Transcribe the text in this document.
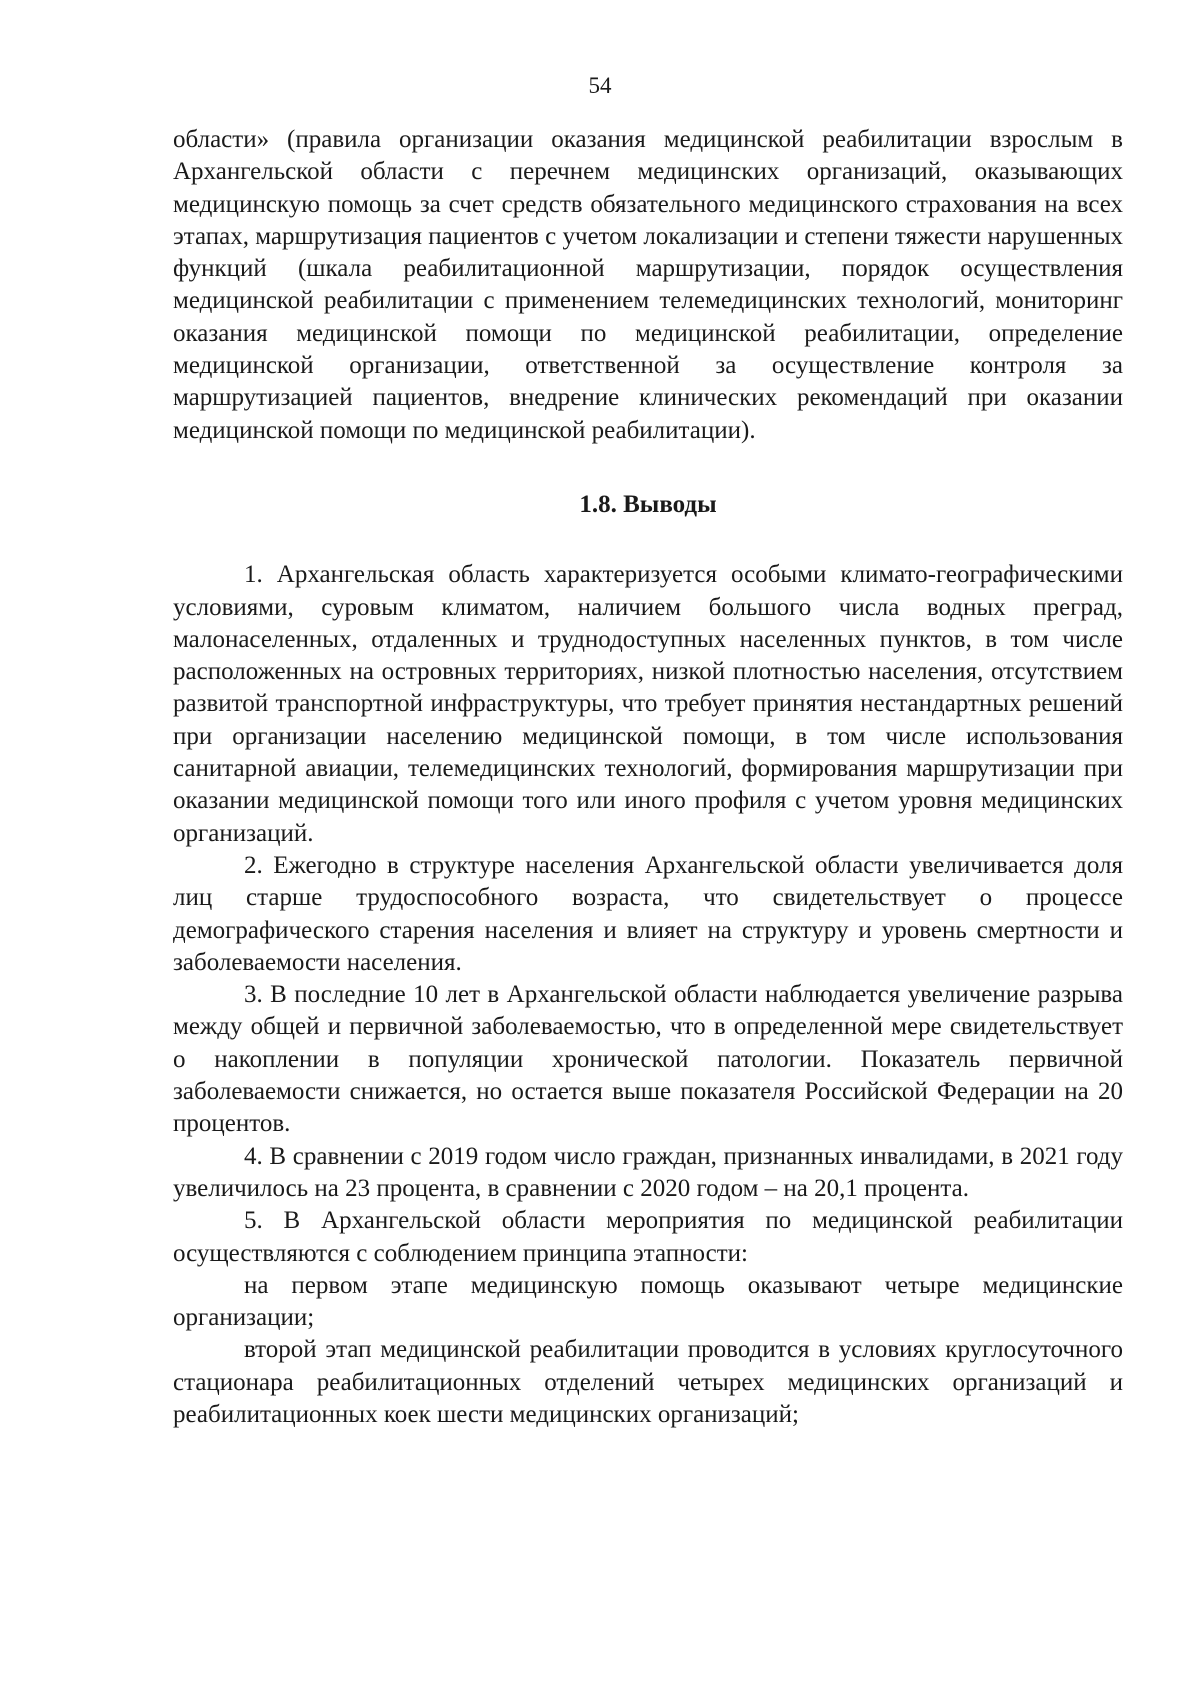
54

области» (правила организации оказания медицинской реабилитации взрослым в Архангельской области с перечнем медицинских организаций, оказывающих медицинскую помощь за счет средств обязательного медицинского страхования на всех этапах, маршрутизация пациентов с учетом локализации и степени тяжести нарушенных функций (шкала реабилитационной маршрутизации, порядок осуществления медицинской реабилитации с применением телемедицинских технологий, мониторинг оказания медицинской помощи по медицинской реабилитации, определение медицинской организации, ответственной за осуществление контроля за маршрутизацией пациентов, внедрение клинических рекомендаций при оказании медицинской помощи по медицинской реабилитации).

1.8. Выводы

1. Архангельская область характеризуется особыми климато-географическими условиями, суровым климатом, наличием большого числа водных преград, малонаселенных, отдаленных и труднодоступных населенных пунктов, в том числе расположенных на островных территориях, низкой плотностью населения, отсутствием развитой транспортной инфраструктуры, что требует принятия нестандартных решений при организации населению медицинской помощи, в том числе использования санитарной авиации, телемедицинских технологий, формирования маршрутизации при оказании медицинской помощи того или иного профиля с учетом уровня медицинских организаций.

2. Ежегодно в структуре населения Архангельской области увеличивается доля лиц старше трудоспособного возраста, что свидетельствует о процессе демографического старения населения и влияет на структуру и уровень смертности и заболеваемости населения.

3. В последние 10 лет в Архангельской области наблюдается увеличение разрыва между общей и первичной заболеваемостью, что в определенной мере свидетельствует о накоплении в популяции хронической патологии. Показатель первичной заболеваемости снижается, но остается выше показателя Российской Федерации на 20 процентов.

4. В сравнении с 2019 годом число граждан, признанных инвалидами, в 2021 году увеличилось на 23 процента, в сравнении с 2020 годом – на 20,1 процента.

5. В Архангельской области мероприятия по медицинской реабилитации осуществляются с соблюдением принципа этапности:

на первом этапе медицинскую помощь оказывают четыре медицинские организации;

второй этап медицинской реабилитации проводится в условиях круглосуточного стационара реабилитационных отделений четырех медицинских организаций и реабилитационных коек шести медицинских организаций;
